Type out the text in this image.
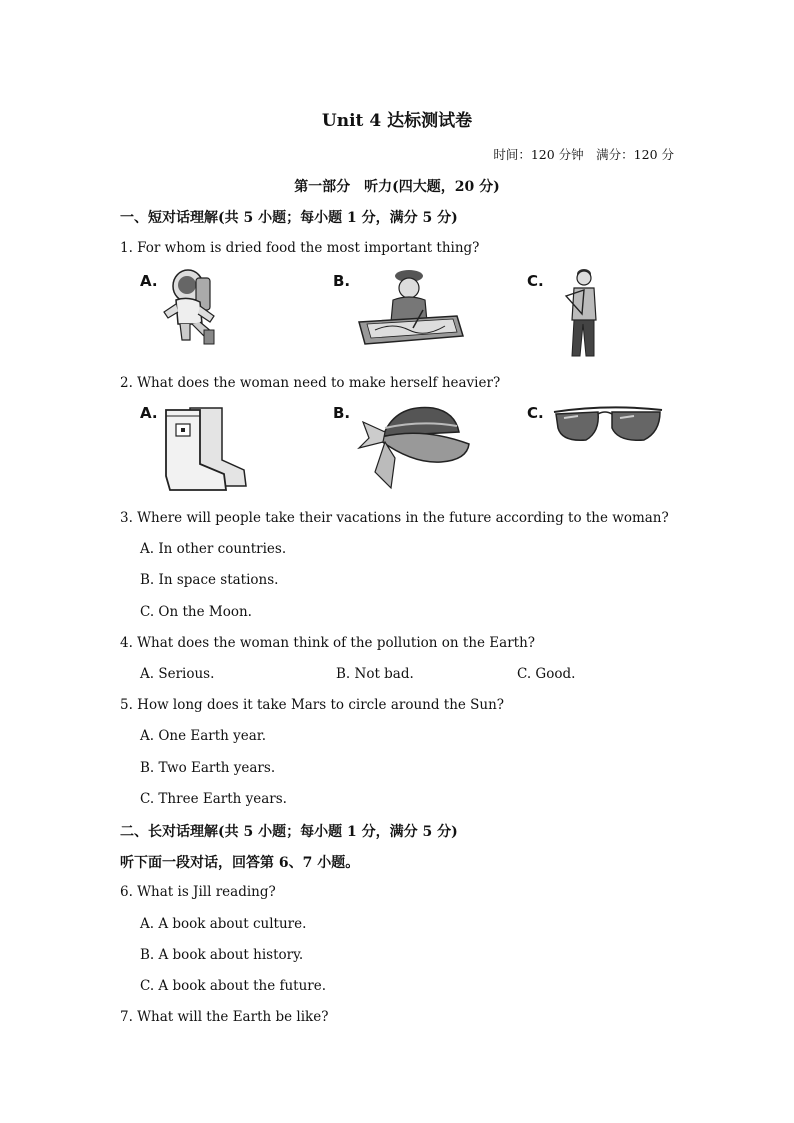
Unit 4 达标测试卷
时间：120 分钟　满分：120 分
第一部分　听力(四大题，20 分)
一、短对话理解(共 5 小题；每小题 1 分，满分 5 分)
1. For whom is dried food the most important thing?
A.	B.	C.
2. What does the woman need to make herself heavier?
A.	B.	C.
3. Where will people take their vacations in the future according to the woman?
A. In other countries.
B. In space stations.
C. On the Moon.
4. What does the woman think of the pollution on the Earth?
A. Serious.	B. Not bad.	C. Good.
5. How long does it take Mars to circle around the Sun?
A. One Earth year.
B. Two Earth years.
C. Three Earth years.
二、长对话理解(共 5 小题；每小题 1 分，满分 5 分)
听下面一段对话，回答第 6、7 小题。
6. What is Jill reading?
A. A book about culture.
B. A book about history.
C. A book about the future.
7. What will the Earth be like?
